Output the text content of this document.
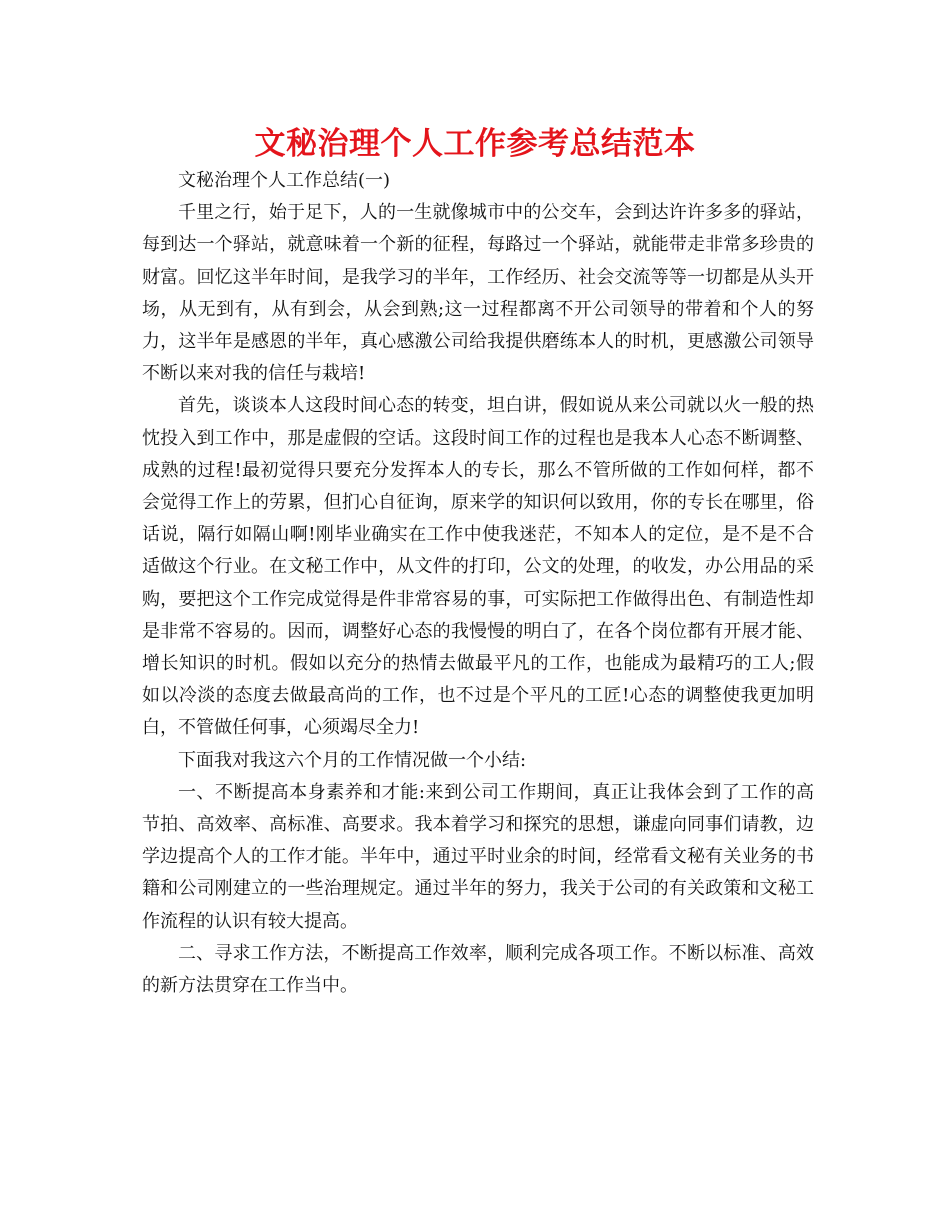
文秘治理个人工作参考总结范本

文秘治理个人工作总结(一)

千里之行，始于足下，人的一生就像城市中的公交车，会到达许许多多的驿站，每到达一个驿站，就意味着一个新的征程，每路过一个驿站，就能带走非常多珍贵的财富。回忆这半年时间，是我学习的半年，工作经历、社会交流等等一切都是从头开场，从无到有，从有到会，从会到熟;这一过程都离不开公司领导的带着和个人的努力，这半年是感恩的半年，真心感激公司给我提供磨练本人的时机，更感激公司领导不断以来对我的信任与栽培!

首先，谈谈本人这段时间心态的转变，坦白讲，假如说从来公司就以火一般的热忱投入到工作中，那是虚假的空话。这段时间工作的过程也是我本人心态不断调整、成熟的过程!最初觉得只要充分发挥本人的专长，那么不管所做的工作如何样，都不会觉得工作上的劳累，但扪心自征询，原来学的知识何以致用，你的专长在哪里，俗话说，隔行如隔山啊!刚毕业确实在工作中使我迷茫，不知本人的定位，是不是不合适做这个行业。在文秘工作中，从文件的打印，公文的处理，的收发，办公用品的采购，要把这个工作完成觉得是件非常容易的事，可实际把工作做得出色、有制造性却是非常不容易的。因而，调整好心态的我慢慢的明白了，在各个岗位都有开展才能、增长知识的时机。假如以充分的热情去做最平凡的工作，也能成为最精巧的工人;假如以冷淡的态度去做最高尚的工作，也不过是个平凡的工匠!心态的调整使我更加明白，不管做任何事，心须竭尽全力!

下面我对我这六个月的工作情况做一个小结:

一、不断提高本身素养和才能:来到公司工作期间，真正让我体会到了工作的高节拍、高效率、高标准、高要求。我本着学习和探究的思想，谦虚向同事们请教，边学边提高个人的工作才能。半年中，通过平时业余的时间，经常看文秘有关业务的书籍和公司刚建立的一些治理规定。通过半年的努力，我关于公司的有关政策和文秘工作流程的认识有较大提高。

二、寻求工作方法，不断提高工作效率，顺利完成各项工作。不断以标准、高效的新方法贯穿在工作当中。
